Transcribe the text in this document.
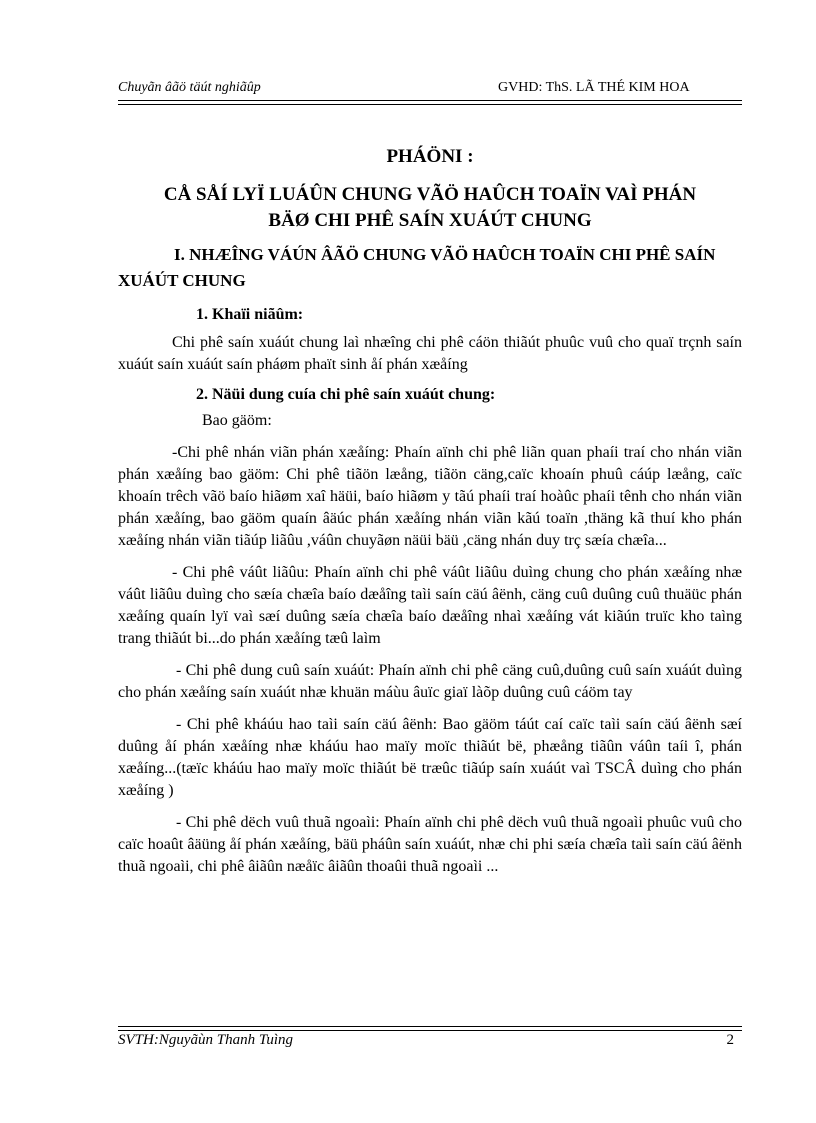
Chuyãn âãö täút nghiãûp	GVHD: ThS. LÃ THÉ KIM HOA
PHÁÖNI :
CÅ SÅÍ LYÏ LUÁÛN CHUNG VÃÖ HAÛCH TOAÏN VAÌ PHÁN
BÄØ CHI PHÊ SAÍN XUÁÚT CHUNG
I. NHÆÎNG VÁÚN ÂÃÖ CHUNG VÃÖ HAÛCH TOAÏN CHI PHÊ SAÍN XUÁÚT CHUNG
1. Khaïi niãûm:

Chi phê saín xuáút chung laì nhæîng chi phê cáön thiãút phuûc vuû cho quaï trçnh saín xuáút saín xuáút saín pháøm phaït sinh åí phán xæåíng

2. Näüi dung cuía chi phê saín xuáút chung:

Bao gäöm:

-Chi phê nhán viãn phán xæåíng: Phaín aïnh chi phê liãn quan phaíi traí cho nhán viãn phán xæåíng bao gäöm: Chi phê tiãön læång, tiãön cäng,caïc khoaín phuû cáúp læång, caïc khoaín trêch vãö baío hiãøm xaî häüi, baío hiãøm y tãú phaíi traí hoàûc phaíi tênh cho nhán viãn phán xæåíng, bao gäöm quaín âäúc phán xæåíng nhán viãn kãú toaïn ,thäng kã thuí kho phán xæåíng nhán viãn tiãúp liãûu ,váûn chuyãøn näüi bäü ,cäng nhán duy trç sæía chæîa...

- Chi phê váût liãûu: Phaín aïnh chi phê váût liãûu duìng chung cho phán xæåíng nhæ váût liãûu duìng cho sæía chæîa baío dæåîng taìi saín cäú âënh, cäng cuû duûng cuû thuäüc phán xæåíng quaín lyï vaì sæí duûng sæía chæîa baío dæåîng nhaì xæåíng vát kiãún truïc kho taìng trang thiãút bi...do phán xæåíng tæû laìm

- Chi phê dung cuû saín xuáút: Phaín aïnh chi phê cäng cuû,duûng cuû saín xuáút duìng cho phán xæåíng saín xuáút nhæ khuän máùu âuïc giaï làõp duûng cuû cáöm tay

- Chi phê kháúu hao taìi saín cäú âënh: Bao gäöm táút caí caïc taìi saín cäú âënh sæí duûng åí phán xæåíng nhæ kháúu hao maïy moïc thiãút bë, phæång tiãûn váûn taíi î, phán xæåíng...(tæïc kháúu hao maïy moïc thiãút bë træûc tiãúp saín xuáút vaì TSCÂ duìng cho phán xæåíng )

- Chi phê dëch vuû thuã ngoaìi: Phaín aïnh chi phê dëch vuû thuã ngoaìi phuûc vuû cho caïc hoaût âäüng åí phán xæåíng, bäü pháûn saín xuáút, nhæ chi phi sæía chæîa taìi saín cäú âënh thuã ngoaìi, chi phê âiãûn næåïc âiãûn thoaûi thuã ngoaìi ...

SVTH:Nguyãùn Thanh Tuìng	2
